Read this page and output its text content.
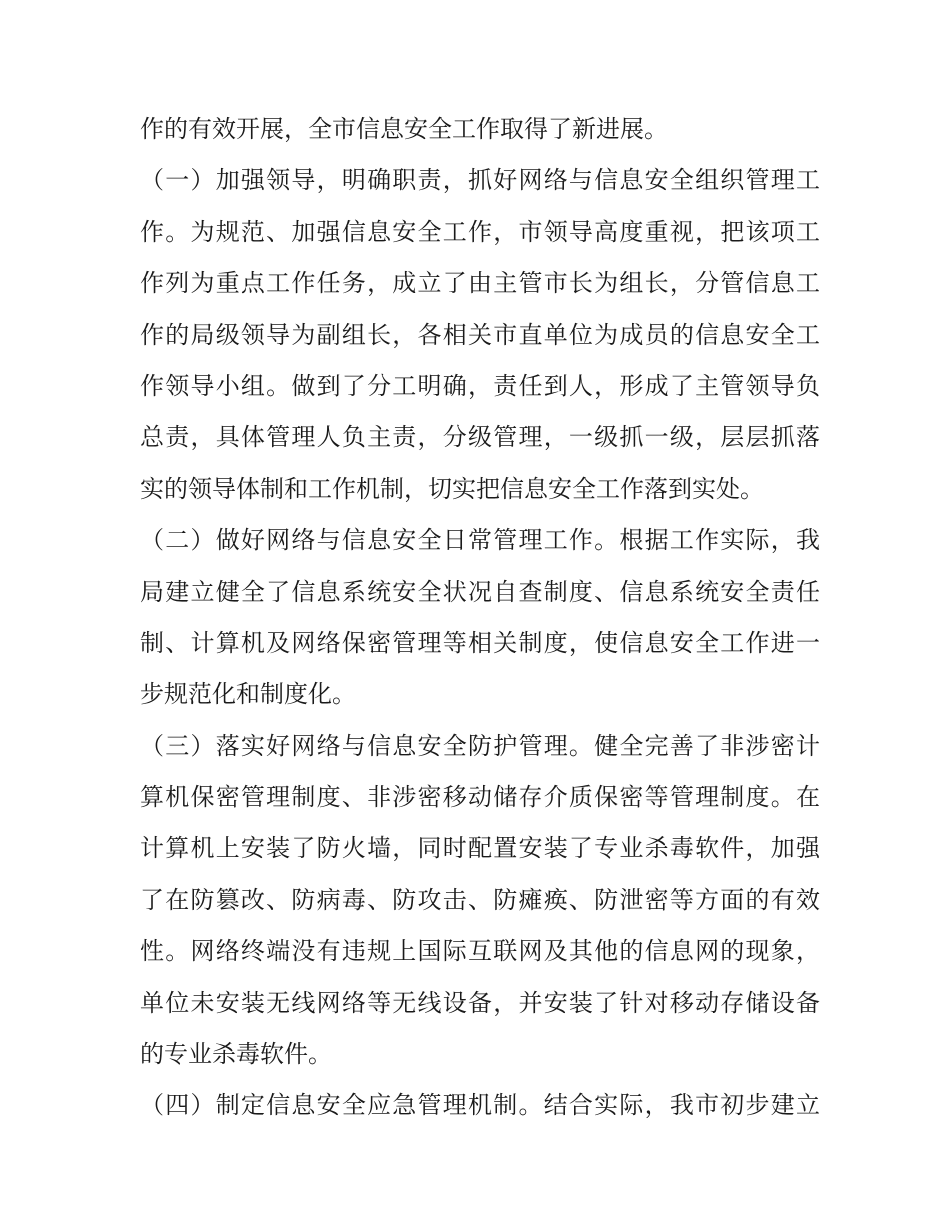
作的有效开展，全市信息安全工作取得了新进展。
（一）加强领导，明确职责，抓好网络与信息安全组织管理工
作。为规范、加强信息安全工作，市领导高度重视，把该项工
作列为重点工作任务，成立了由主管市长为组长，分管信息工
作的局级领导为副组长，各相关市直单位为成员的信息安全工
作领导小组。做到了分工明确，责任到人，形成了主管领导负
总责，具体管理人负主责，分级管理，一级抓一级，层层抓落
实的领导体制和工作机制，切实把信息安全工作落到实处。
（二）做好网络与信息安全日常管理工作。根据工作实际，我
局建立健全了信息系统安全状况自查制度、信息系统安全责任
制、计算机及网络保密管理等相关制度，使信息安全工作进一
步规范化和制度化。
（三）落实好网络与信息安全防护管理。健全完善了非涉密计
算机保密管理制度、非涉密移动储存介质保密等管理制度。在
计算机上安装了防火墙，同时配置安装了专业杀毒软件，加强
了在防篡改、防病毒、防攻击、防瘫痪、防泄密等方面的有效
性。网络终端没有违规上国际互联网及其他的信息网的现象，
单位未安装无线网络等无线设备，并安装了针对移动存储设备
的专业杀毒软件。
（四）制定信息安全应急管理机制。结合实际，我市初步建立
